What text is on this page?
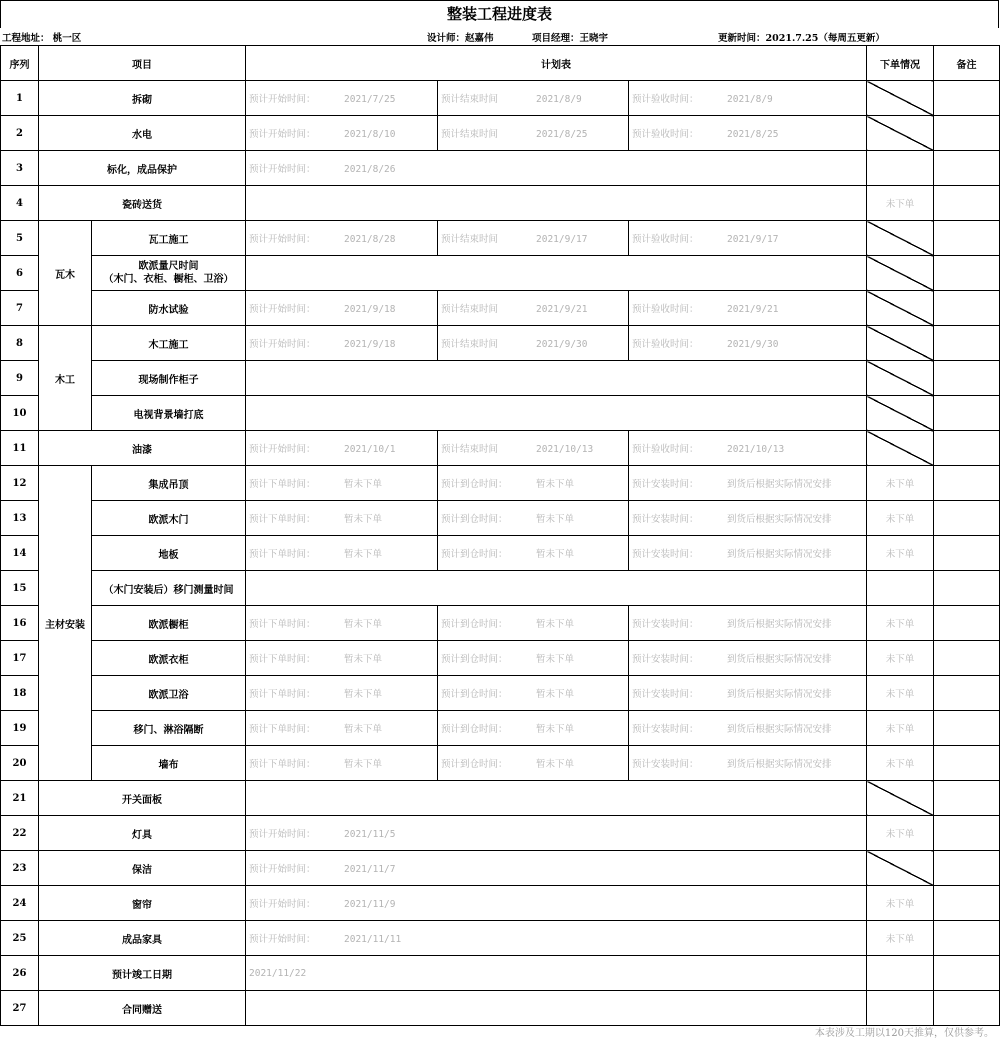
整装工程进度表
工程地址： 桃一区	设计师：赵嘉伟	项目经理：王晓宇	更新时间：2021.7.25（每周五更新）
序列	项目		计划表			下单情况	备注
1	拆砌		预计开始时间： 2021/7/25	预计结束时间 2021/8/9	预计验收时间： 2021/8/9		
2	水电		预计开始时间： 2021/8/10	预计结束时间 2021/8/25	预计验收时间： 2021/8/25		
3	标化，成品保护		预计开始时间： 2021/8/26				
4	瓷砖送货					未下单	
5	瓦木	瓦工施工	预计开始时间： 2021/8/28	预计结束时间 2021/9/17	预计验收时间： 2021/9/17		
6		欧派量尺时间
（木门、衣柜、橱柜、卫浴）					

7		防水试验	预计开始时间： 2021/9/18	预计结束时间 2021/9/21	预计验收时间： 2021/9/21		
8	木工	木工施工	预计开始时间： 2021/9/18	预计结束时间 2021/9/30	预计验收时间： 2021/9/30		
9		现场制作柜子					
10		电视背景墙打底					
11	油漆		预计开始时间： 2021/10/1	预计结束时间 2021/10/13	预计验收时间： 2021/10/13		
12	主材安装	集成吊顶	预计下单时间： 暂未下单	预计到仓时间： 暂未下单	预计安装时间： 到货后根据实际情况安排	未下单	
13		欧派木门	预计下单时间： 暂未下单	预计到仓时间： 暂未下单	预计安装时间： 到货后根据实际情况安排	未下单	
14		地板	预计下单时间： 暂未下单	预计到仓时间： 暂未下单	预计安装时间： 到货后根据实际情况安排	未下单	
15		（木门安装后）移门测量时间					
16		欧派橱柜	预计下单时间： 暂未下单	预计到仓时间： 暂未下单	预计安装时间： 到货后根据实际情况安排	未下单	
17		欧派衣柜	预计下单时间： 暂未下单	预计到仓时间： 暂未下单	预计安装时间： 到货后根据实际情况安排	未下单	
18		欧派卫浴	预计下单时间： 暂未下单	预计到仓时间： 暂未下单	预计安装时间： 到货后根据实际情况安排	未下单	
19		移门、淋浴隔断	预计下单时间： 暂未下单	预计到仓时间： 暂未下单	预计安装时间： 到货后根据实际情况安排	未下单	
20		墙布	预计下单时间： 暂未下单	预计到仓时间： 暂未下单	预计安装时间： 到货后根据实际情况安排	未下单	
21	开关面板						
22	灯具		预计开始时间： 2021/11/5			未下单	
23	保洁		预计开始时间： 2021/11/7				
24	窗帘		预计开始时间： 2021/11/9			未下单	
25	成品家具		预计开始时间： 2021/11/11			未下单	
26	预计竣工日期		2021/11/22				
27	合同赠送						
本表涉及工期以120天推算，仅供参考。
